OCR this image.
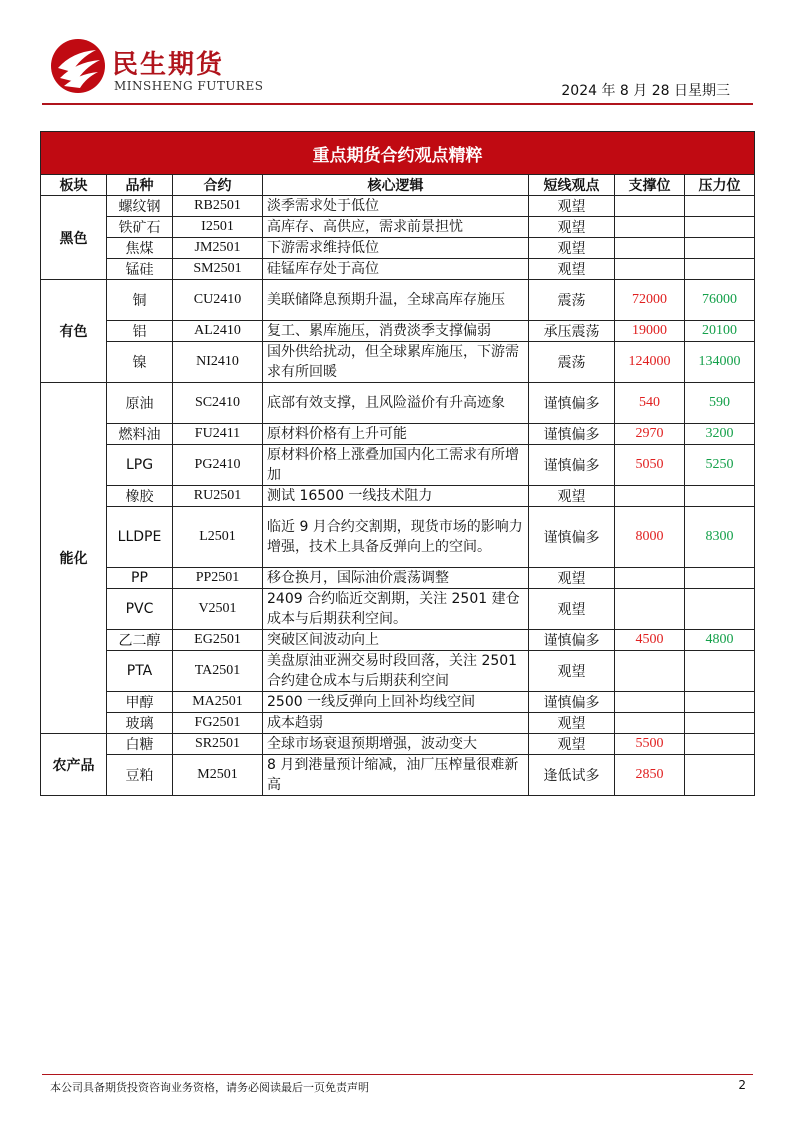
民生期货
MINSHENG FUTURES	2024 年 8 月 28 日星期三
重点期货合约观点精粹						
板块	品种	合约	核心逻辑	短线观点	支撑位	压力位
黑色	螺纹钢	RB2501	淡季需求处于低位	观望		
	铁矿石	I2501	高库存、高供应，需求前景担忧	观望		
	焦煤	JM2501	下游需求维持低位	观望		
	锰硅	SM2501	硅锰库存处于高位	观望		
有色	铜	CU2410	美联储降息预期升温，全球高库存施压	震荡	72000	76000
	铝	AL2410	复工、累库施压，消费淡季支撑偏弱	承压震荡	19000	20100
	镍	NI2410	国外供给扰动，但全球累库施压，下游需求有所回暖	震荡	124000	134000
能化	原油	SC2410	底部有效支撑，且风险溢价有升高迹象	谨慎偏多	540	590
	燃料油	FU2411	原材料价格有上升可能	谨慎偏多	2970	3200
	LPG	PG2410	原材料价格上涨叠加国内化工需求有所增加	谨慎偏多	5050	5250
	橡胶	RU2501	测试 16500 一线技术阻力	观望		
	LLDPE	L2501	临近 9 月合约交割期，现货市场的影响力增强，技术上具备反弹向上的空间。	谨慎偏多	8000	8300
	PP	PP2501	移仓换月，国际油价震荡调整	观望		
	PVC	V2501	2409 合约临近交割期，关注 2501 建仓成本与后期获利空间。	观望		
	乙二醇	EG2501	突破区间波动向上	谨慎偏多	4500	4800
	PTA	TA2501	美盘原油亚洲交易时段回落，关注 2501 合约建仓成本与后期获利空间	观望		
	甲醇	MA2501	2500 一线反弹向上回补均线空间	谨慎偏多		
	玻璃	FG2501	成本趋弱	观望		
农产品	白糖	SR2501	全球市场衰退预期增强，波动变大	观望	5500	
	豆粕	M2501	8 月到港量预计缩减，油厂压榨量很难新高	逢低试多	2850	
本公司具备期货投资咨询业务资格，请务必阅读最后一页免责声明	2
